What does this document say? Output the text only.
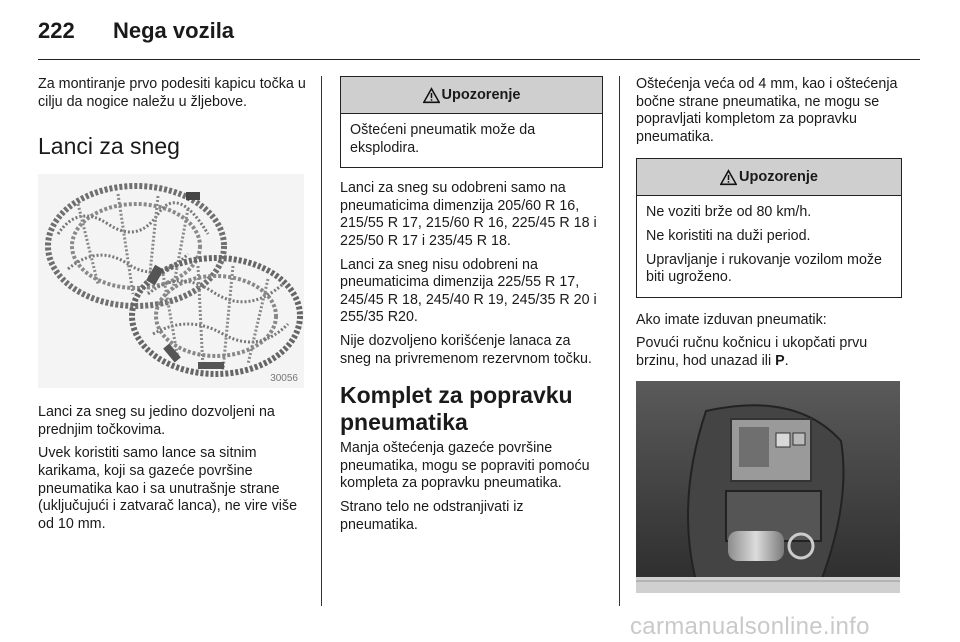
222 Nega vozila

Za montiranje prvo podesiti kapicu točka u cilju da nogice naležu u žljebove.

Lanci za sneg
30056

Lanci za sneg su jedino dozvoljeni na prednjim točkovima.

Uvek koristiti samo lance sa sitnim karikama, koji sa gazeće površine pneumatika kao i sa unutrašnje strane (uključujući i zatvarač lanca), ne vire više od 10 mm.

Upozorenje

Oštećeni pneumatik može da eksplodira.

Lanci za sneg su odobreni samo na pneumaticima dimenzija 205/60 R 16, 215/55 R 17, 215/60 R 16, 225/45 R 18 i 225/50 R 17 i 235/45 R 18.

Lanci za sneg nisu odobreni na pneumaticima dimenzija 225/55 R 17, 245/45 R 18, 245/40 R 19, 245/35 R 20 i 255/35 R20.

Nije dozvoljeno korišćenje lanaca za sneg na privremenom rezervnom točku.

Komplet za popravku pneumatika

Manja oštećenja gazeće površine pneumatika, mogu se popraviti pomoću kompleta za popravku pneumatika.

Strano telo ne odstranjivati iz pneumatika.

Oštećenja veća od 4 mm, kao i oštećenja bočne strane pneumatika, ne mogu se popravljati kompletom za popravku pneumatika.

Upozorenje

Ne voziti brže od 80 km/h.

Ne koristiti na duži period.

Upravljanje i rukovanje vozilom može biti ugroženo.

Ako imate izduvan pneumatik:

Povući ručnu kočnicu i ukopčati prvu brzinu, hod unazad ili P.

carmanualsonline.info
